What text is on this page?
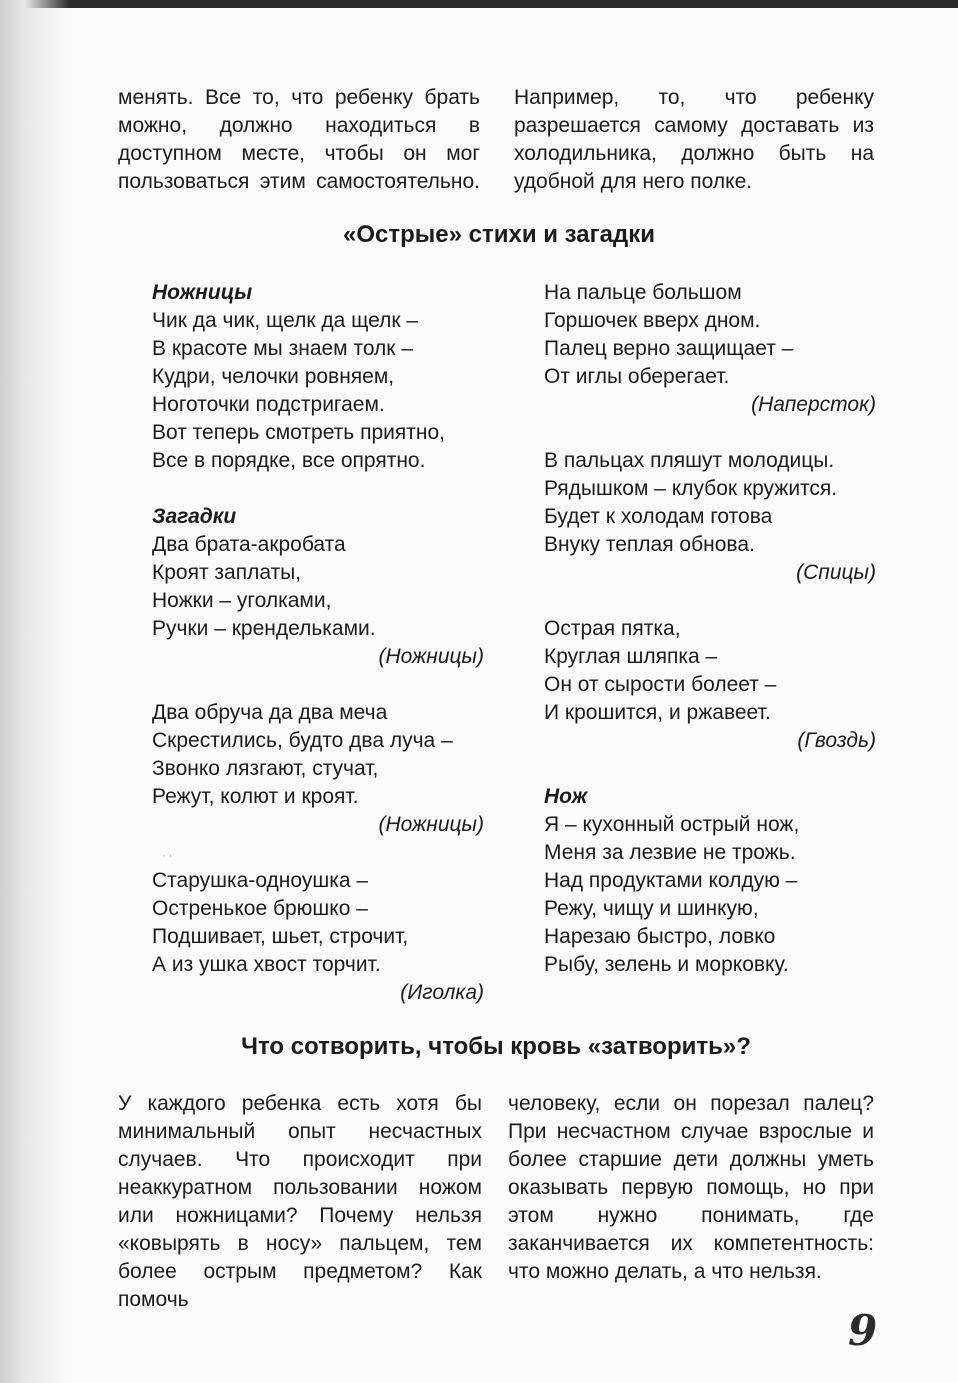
менять. Все то, что ребенку брать можно, должно находиться в доступном месте, чтобы он мог пользоваться этим самостоятельно.

Например, то, что ребенку разрешается самому доставать из холодильника, должно быть на удобной для него полке.

«Острые» стихи и загадки
Ножницы
Чик да чик, щелк да щелк –
В красоте мы знаем толк –
Кудри, челочки ровняем,
Ноготочки подстригаем.
Вот теперь смотреть приятно,
Все в порядке, все опрятно.
Загадки
Два брата-акробата
Кроят заплаты,
Ножки – уголками,
Ручки – крендельками.
(Ножницы)
Два обруча да два меча
Скрестились, будто два луча –
Звонко лязгают, стучат,
Режут, колют и кроят.
(Ножницы)
Старушка-одноушка –
Остренькое брюшко –
Подшивает, шьет, строчит,
А из ушка хвост торчит.
(Иголка)
На пальце большом
Горшочек вверх дном.
Палец верно защищает –
От иглы оберегает.
(Наперсток)
В пальцах пляшут молодицы.
Рядышком – клубок кружится.
Будет к холодам готова
Внуку теплая обнова.
(Спицы)
Острая пятка,
Круглая шляпка –
Он от сырости болеет –
И крошится, и ржавеет.
(Гвоздь)
Нож
Я – кухонный острый нож,
Меня за лезвие не трожь.
Над продуктами колдую –
Режу, чищу и шинкую,
Нарезаю быстро, ловко
Рыбу, зелень и морковку.
· ·
Что сотворить, чтобы кровь «затворить»?

У каждого ребенка есть хотя бы минимальный опыт несчастных случаев. Что происходит при неаккуратном пользовании ножом или ножницами? Почему нельзя «ковырять в носу» пальцем, тем более острым предметом? Как помочь

человеку, если он порезал палец? При несчастном случае взрослые и более старшие дети должны уметь оказывать первую помощь, но при этом нужно понимать, где заканчивается их компетентность: что можно делать, а что нельзя.

9
